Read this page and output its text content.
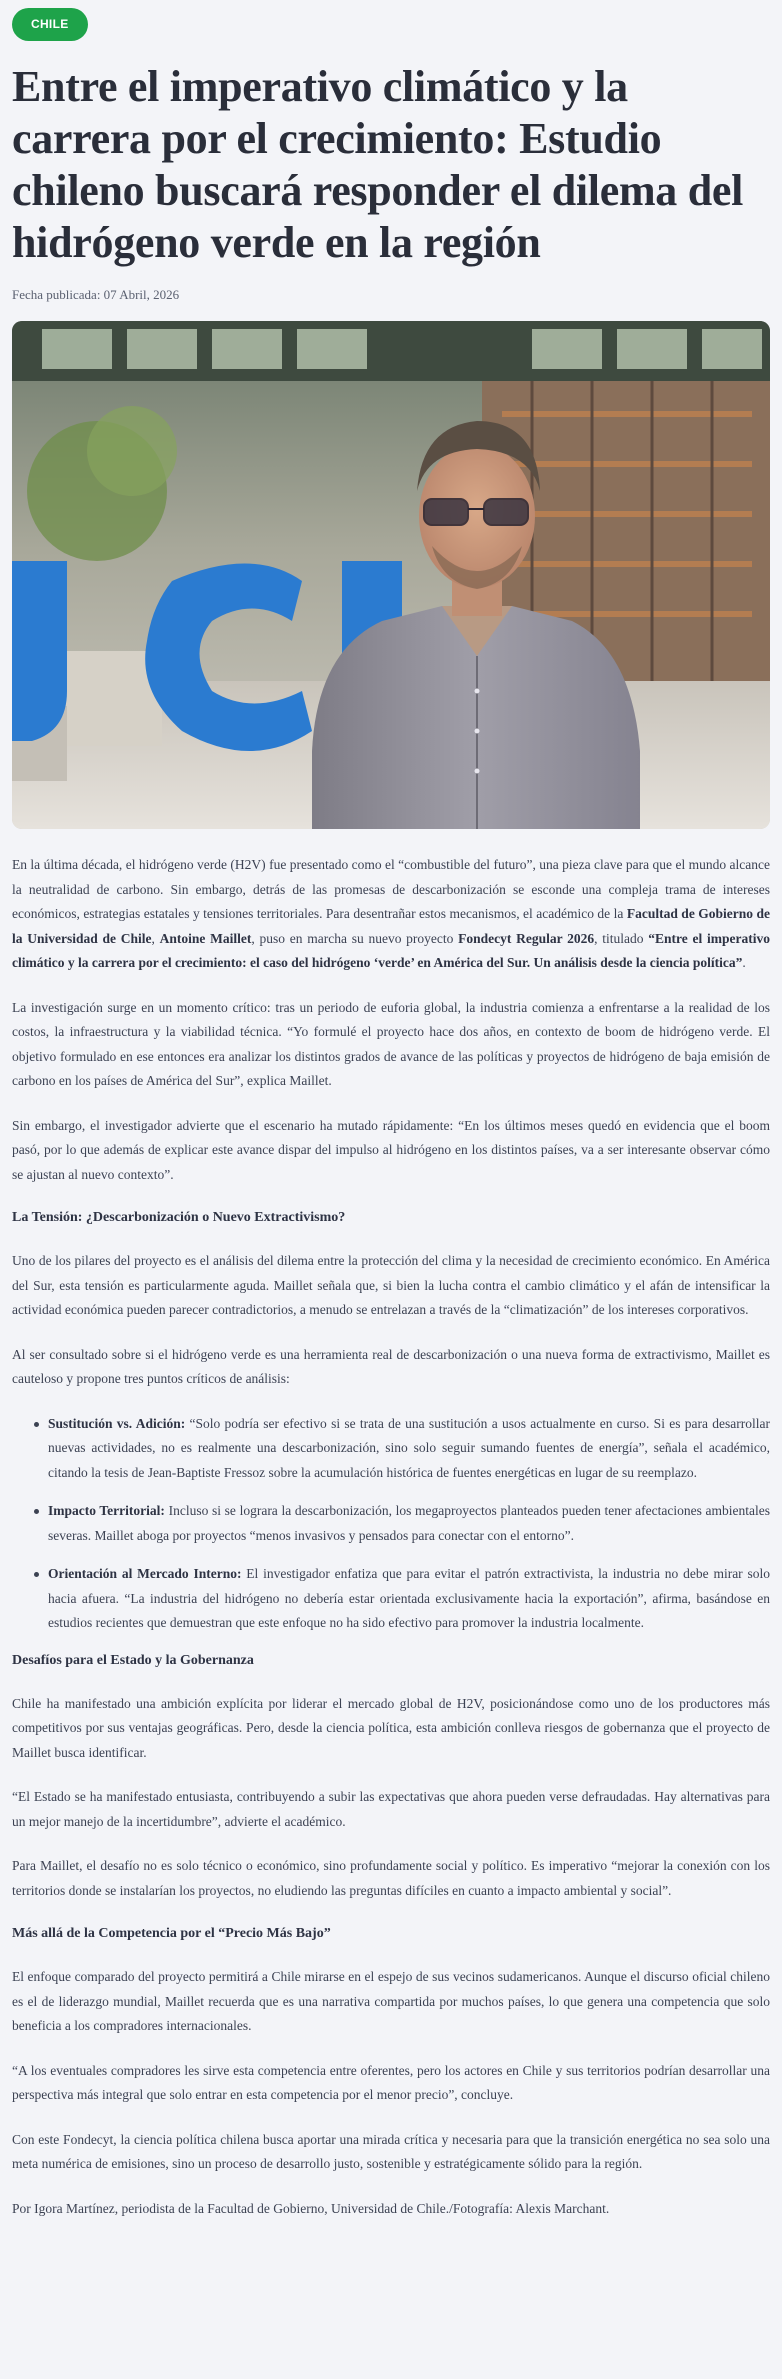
CHILE
Entre el imperativo climático y la carrera por el crecimiento: Estudio chileno buscará responder el dilema del hidrógeno verde en la región
Fecha publicada: 07 Abril, 2026

En la última década, el hidrógeno verde (H2V) fue presentado como el “combustible del futuro”, una pieza clave para que el mundo alcance la neutralidad de carbono. Sin embargo, detrás de las promesas de descarbonización se esconde una compleja trama de intereses económicos, estrategias estatales y tensiones territoriales. Para desentrañar estos mecanismos, el académico de la Facultad de Gobierno de la Universidad de Chile, Antoine Maillet, puso en marcha su nuevo proyecto Fondecyt Regular 2026, titulado “Entre el imperativo climático y la carrera por el crecimiento: el caso del hidrógeno ‘verde’ en América del Sur. Un análisis desde la ciencia política”.

La investigación surge en un momento crítico: tras un periodo de euforia global, la industria comienza a enfrentarse a la realidad de los costos, la infraestructura y la viabilidad técnica. “Yo formulé el proyecto hace dos años, en contexto de boom de hidrógeno verde. El objetivo formulado en ese entonces era analizar los distintos grados de avance de las políticas y proyectos de hidrógeno de baja emisión de carbono en los países de América del Sur”, explica Maillet.

Sin embargo, el investigador advierte que el escenario ha mutado rápidamente: “En los últimos meses quedó en evidencia que el boom pasó, por lo que además de explicar este avance dispar del impulso al hidrógeno en los distintos países, va a ser interesante observar cómo se ajustan al nuevo contexto”.

La Tensión: ¿Descarbonización o Nuevo Extractivismo?

Uno de los pilares del proyecto es el análisis del dilema entre la protección del clima y la necesidad de crecimiento económico. En América del Sur, esta tensión es particularmente aguda. Maillet señala que, si bien la lucha contra el cambio climático y el afán de intensificar la actividad económica pueden parecer contradictorios, a menudo se entrelazan a través de la “climatización” de los intereses corporativos.

Al ser consultado sobre si el hidrógeno verde es una herramienta real de descarbonización o una nueva forma de extractivismo, Maillet es cauteloso y propone tres puntos críticos de análisis:

Sustitución vs. Adición: “Solo podría ser efectivo si se trata de una sustitución a usos actualmente en curso. Si es para desarrollar nuevas actividades, no es realmente una descarbonización, sino solo seguir sumando fuentes de energía”, señala el académico, citando la tesis de Jean-Baptiste Fressoz sobre la acumulación histórica de fuentes energéticas en lugar de su reemplazo.
Impacto Territorial: Incluso si se lograra la descarbonización, los megaproyectos planteados pueden tener afectaciones ambientales severas. Maillet aboga por proyectos “menos invasivos y pensados para conectar con el entorno”.
Orientación al Mercado Interno: El investigador enfatiza que para evitar el patrón extractivista, la industria no debe mirar solo hacia afuera. “La industria del hidrógeno no debería estar orientada exclusivamente hacia la exportación”, afirma, basándose en estudios recientes que demuestran que este enfoque no ha sido efectivo para promover la industria localmente.
Desafíos para el Estado y la Gobernanza

Chile ha manifestado una ambición explícita por liderar el mercado global de H2V, posicionándose como uno de los productores más competitivos por sus ventajas geográficas. Pero, desde la ciencia política, esta ambición conlleva riesgos de gobernanza que el proyecto de Maillet busca identificar.

“El Estado se ha manifestado entusiasta, contribuyendo a subir las expectativas que ahora pueden verse defraudadas. Hay alternativas para un mejor manejo de la incertidumbre”, advierte el académico.

Para Maillet, el desafío no es solo técnico o económico, sino profundamente social y político. Es imperativo “mejorar la conexión con los territorios donde se instalarían los proyectos, no eludiendo las preguntas difíciles en cuanto a impacto ambiental y social”.

Más allá de la Competencia por el “Precio Más Bajo”

El enfoque comparado del proyecto permitirá a Chile mirarse en el espejo de sus vecinos sudamericanos. Aunque el discurso oficial chileno es el de liderazgo mundial, Maillet recuerda que es una narrativa compartida por muchos países, lo que genera una competencia que solo beneficia a los compradores internacionales.

“A los eventuales compradores les sirve esta competencia entre oferentes, pero los actores en Chile y sus territorios podrían desarrollar una perspectiva más integral que solo entrar en esta competencia por el menor precio”, concluye.

Con este Fondecyt, la ciencia política chilena busca aportar una mirada crítica y necesaria para que la transición energética no sea solo una meta numérica de emisiones, sino un proceso de desarrollo justo, sostenible y estratégicamente sólido para la región.

Por Igora Martínez, periodista de la Facultad de Gobierno, Universidad de Chile./Fotografía: Alexis Marchant.
